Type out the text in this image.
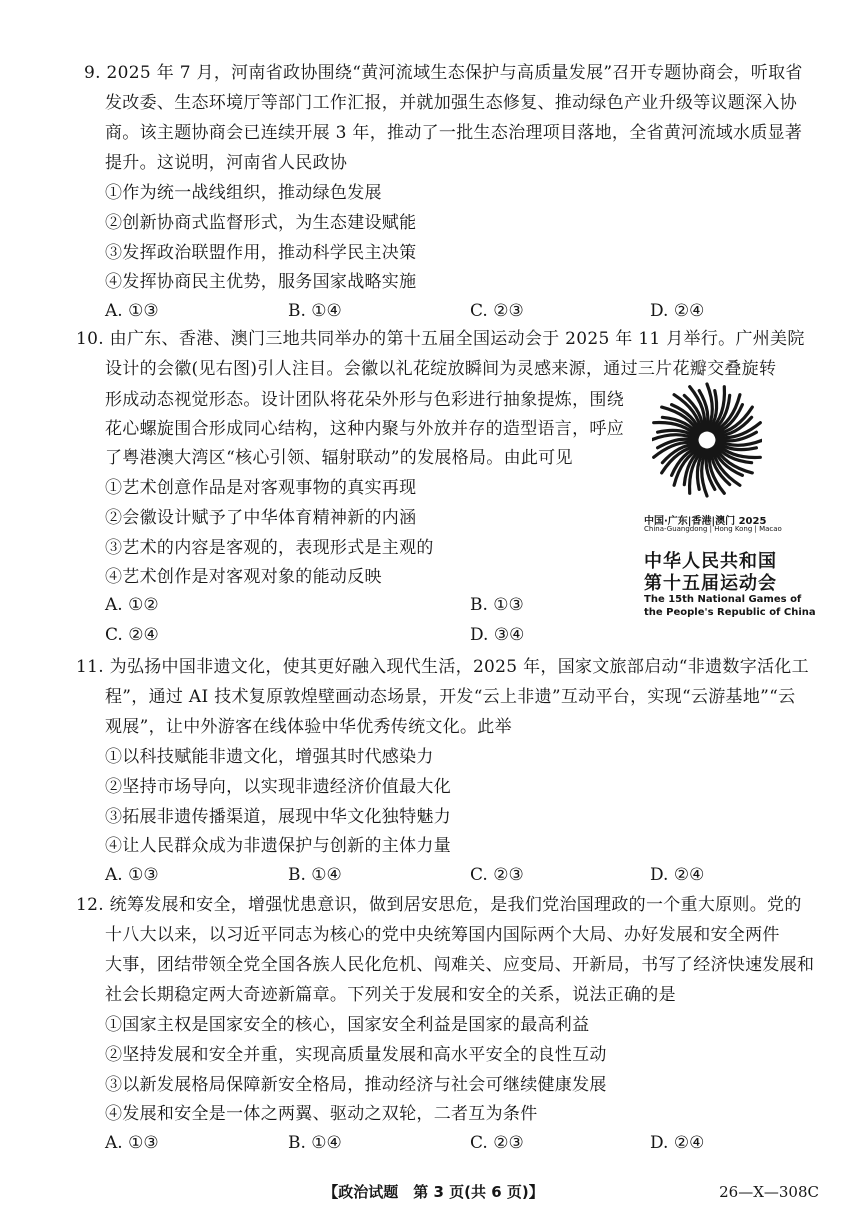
9. 2025 年 7 月，河南省政协围绕“黄河流域生态保护与高质量发展”召开专题协商会，听取省
发改委、生态环境厅等部门工作汇报，并就加强生态修复、推动绿色产业升级等议题深入协
商。该主题协商会已连续开展 3 年，推动了一批生态治理项目落地，全省黄河流域水质显著
提升。这说明，河南省人民政协
①作为统一战线组织，推动绿色发展
②创新协商式监督形式，为生态建设赋能
③发挥政治联盟作用，推动科学民主决策
④发挥协商民主优势，服务国家战略实施
A. ①③	B. ①④	C. ②③	D. ②④
10. 由广东、香港、澳门三地共同举办的第十五届全国运动会于 2025 年 11 月举行。广州美院
设计的会徽(见右图)引人注目。会徽以礼花绽放瞬间为灵感来源，通过三片花瓣交叠旋转
形成动态视觉形态。设计团队将花朵外形与色彩进行抽象提炼，围绕
花心螺旋围合形成同心结构，这种内聚与外放并存的造型语言，呼应
了粤港澳大湾区“核心引领、辐射联动”的发展格局。由此可见
①艺术创意作品是对客观事物的真实再现
②会徽设计赋予了中华体育精神新的内涵
③艺术的内容是客观的，表现形式是主观的
④艺术创作是对客观对象的能动反映
A. ①②	B. ①③
C. ②④	D. ③④
中国·广东|香港|澳门 2025
China-Guangdong | Hong Kong | Macao
中华人民共和国
第十五届运动会
The 15th National Games of
the People's Republic of China
11. 为弘扬中国非遗文化，使其更好融入现代生活，2025 年，国家文旅部启动“非遗数字活化工
程”，通过 AI 技术复原敦煌壁画动态场景，开发“云上非遗”互动平台，实现“云游基地”“云
观展”，让中外游客在线体验中华优秀传统文化。此举
①以科技赋能非遗文化，增强其时代感染力
②坚持市场导向，以实现非遗经济价值最大化
③拓展非遗传播渠道，展现中华文化独特魅力
④让人民群众成为非遗保护与创新的主体力量
A. ①③	B. ①④	C. ②③	D. ②④
12. 统筹发展和安全，增强忧患意识，做到居安思危，是我们党治国理政的一个重大原则。党的
十八大以来，以习近平同志为核心的党中央统筹国内国际两个大局、办好发展和安全两件
大事，团结带领全党全国各族人民化危机、闯难关、应变局、开新局，书写了经济快速发展和
社会长期稳定两大奇迹新篇章。下列关于发展和安全的关系，说法正确的是
①国家主权是国家安全的核心，国家安全利益是国家的最高利益
②坚持发展和安全并重，实现高质量发展和高水平安全的良性互动
③以新发展格局保障新安全格局，推动经济与社会可继续健康发展
④发展和安全是一体之两翼、驱动之双轮，二者互为条件
A. ①③	B. ①④	C. ②③	D. ②④
【政治试题　第 3 页(共 6 页)】	26—X—308C
